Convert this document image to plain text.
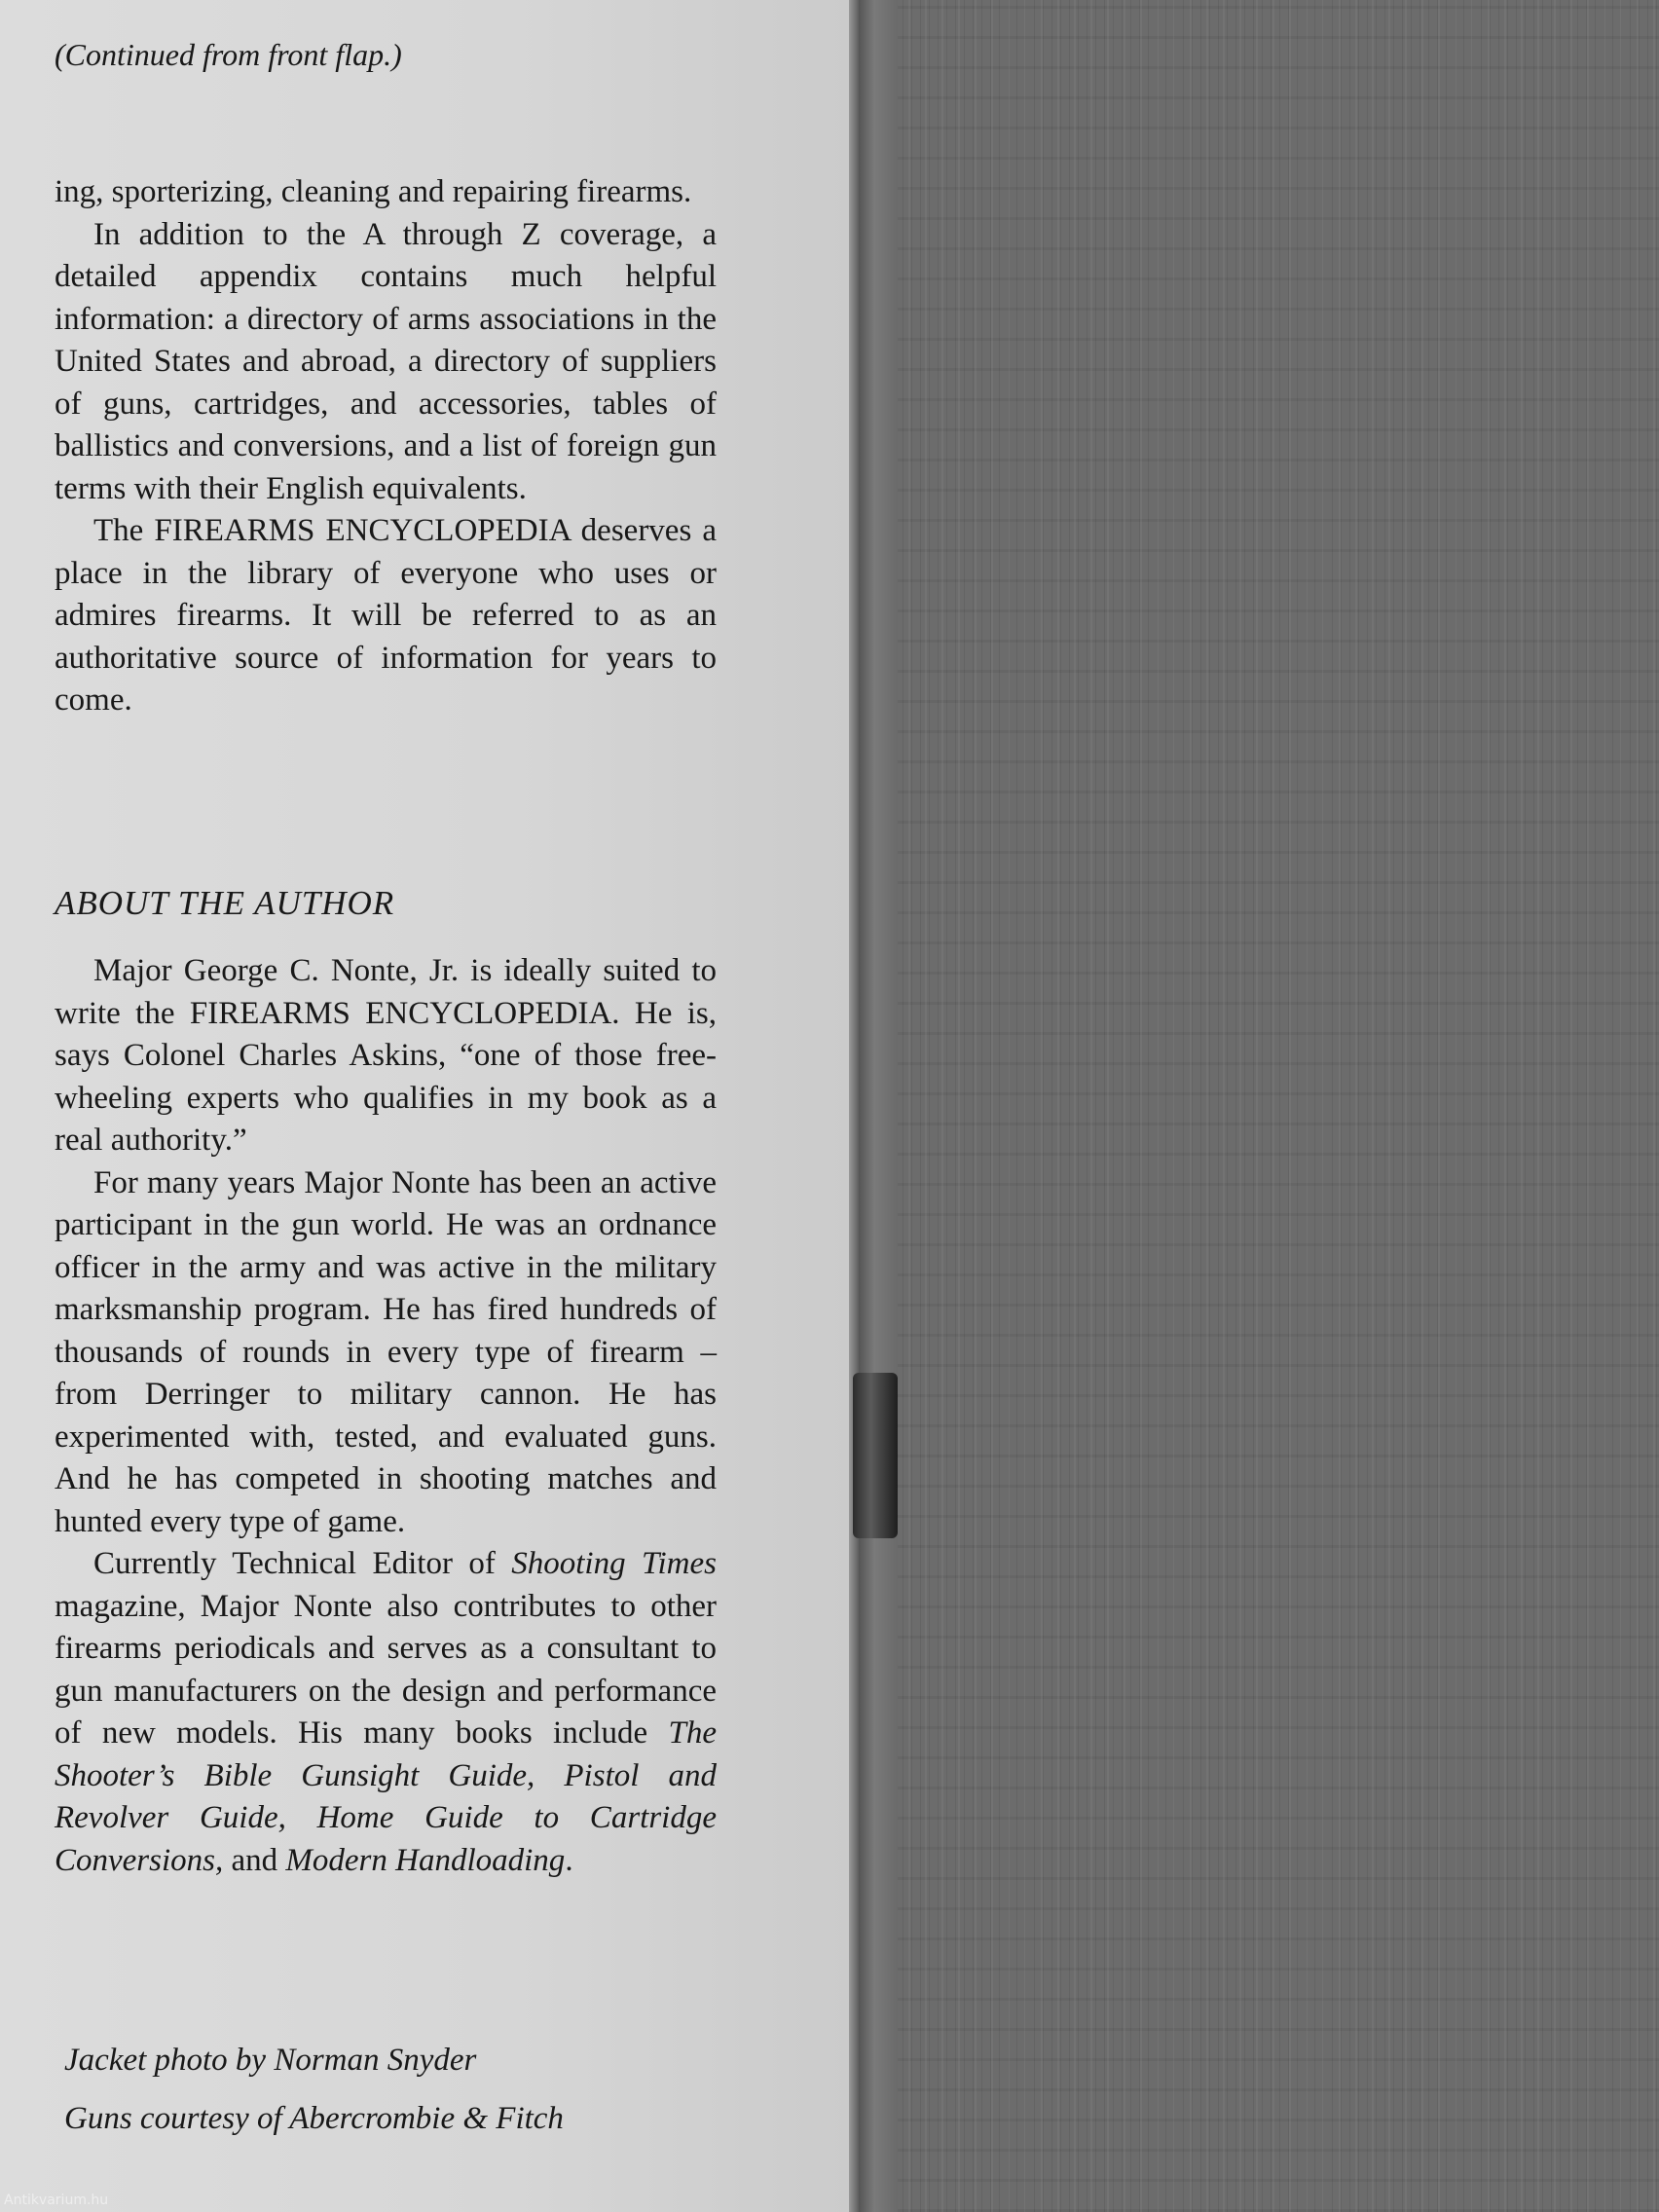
(Continued from front flap.)

ing, sporterizing, cleaning and repairing firearms.

In addition to the A through Z coverage, a detailed appendix contains much helpful information: a directory of arms associations in the United States and abroad, a directory of suppliers of guns, cartridges, and accessories, tables of ballistics and conversions, and a list of foreign gun terms with their English equivalents.

The FIREARMS ENCYCLOPEDIA deserves a place in the library of everyone who uses or admires firearms. It will be referred to as an authoritative source of information for years to come.

ABOUT THE AUTHOR

Major George C. Nonte, Jr. is ideally suited to write the FIREARMS ENCYCLOPEDIA. He is, says Colonel Charles Askins, “one of those free-wheeling experts who qualifies in my book as a real authority.”

For many years Major Nonte has been an active participant in the gun world. He was an ordnance officer in the army and was active in the military marksmanship program. He has fired hundreds of thousands of rounds in every type of firearm – from Derringer to military cannon. He has experimented with, tested, and evaluated guns. And he has competed in shooting matches and hunted every type of game.

Currently Technical Editor of Shooting Times magazine, Major Nonte also contributes to other firearms periodicals and serves as a consultant to gun manufacturers on the design and performance of new models. His many books include The Shooter’s Bible Gunsight Guide, Pistol and Revolver Guide, Home Guide to Cartridge Conversions, and Modern Handloading.

Jacket photo by Norman Snyder
Guns courtesy of Abercrombie & Fitch
Antikvarium.hu
